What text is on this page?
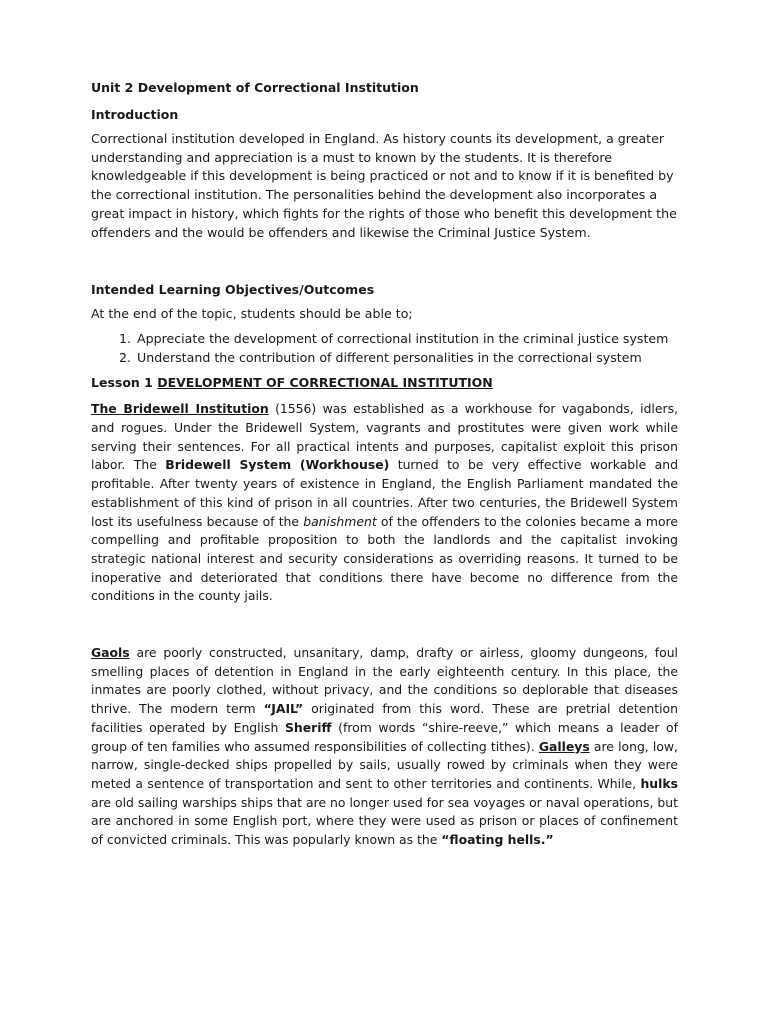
Unit 2 Development of Correctional Institution

Introduction

Correctional institution developed in England. As history counts its development, a greater understanding and appreciation is a must to known by the students. It is therefore knowledgeable if this development is being practiced or not and to know if it is benefited by the correctional institution. The personalities behind the development also incorporates a great impact in history, which fights for the rights of those who benefit this development the offenders and the would be offenders and likewise the Criminal Justice System.

Intended Learning Objectives/Outcomes

At the end of the topic, students should be able to;

1. Appreciate the development of correctional institution in the criminal justice system
2. Understand the contribution of different personalities in the correctional system

Lesson 1 DEVELOPMENT OF CORRECTIONAL INSTITUTION

The Bridewell Institution (1556) was established as a workhouse for vagabonds, idlers, and rogues. Under the Bridewell System, vagrants and prostitutes were given work while serving their sentences. For all practical intents and purposes, capitalist exploit this prison labor. The Bridewell System (Workhouse) turned to be very effective workable and profitable. After twenty years of existence in England, the English Parliament mandated the establishment of this kind of prison in all countries. After two centuries, the Bridewell System lost its usefulness because of the banishment of the offenders to the colonies became a more compelling and profitable proposition to both the landlords and the capitalist invoking strategic national interest and security considerations as overriding reasons. It turned to be inoperative and deteriorated that conditions there have become no difference from the conditions in the county jails.

Gaols are poorly constructed, unsanitary, damp, drafty or airless, gloomy dungeons, foul smelling places of detention in England in the early eighteenth century. In this place, the inmates are poorly clothed, without privacy, and the conditions so deplorable that diseases thrive. The modern term “JAIL” originated from this word. These are pretrial detention facilities operated by English Sheriff (from words “shire-reeve,” which means a leader of group of ten families who assumed responsibilities of collecting tithes). Galleys are long, low, narrow, single-decked ships propelled by sails, usually rowed by criminals when they were meted a sentence of transportation and sent to other territories and continents. While, hulks are old sailing warships ships that are no longer used for sea voyages or naval operations, but are anchored in some English port, where they were used as prison or places of confinement of convicted criminals. This was popularly known as the “floating hells.”
